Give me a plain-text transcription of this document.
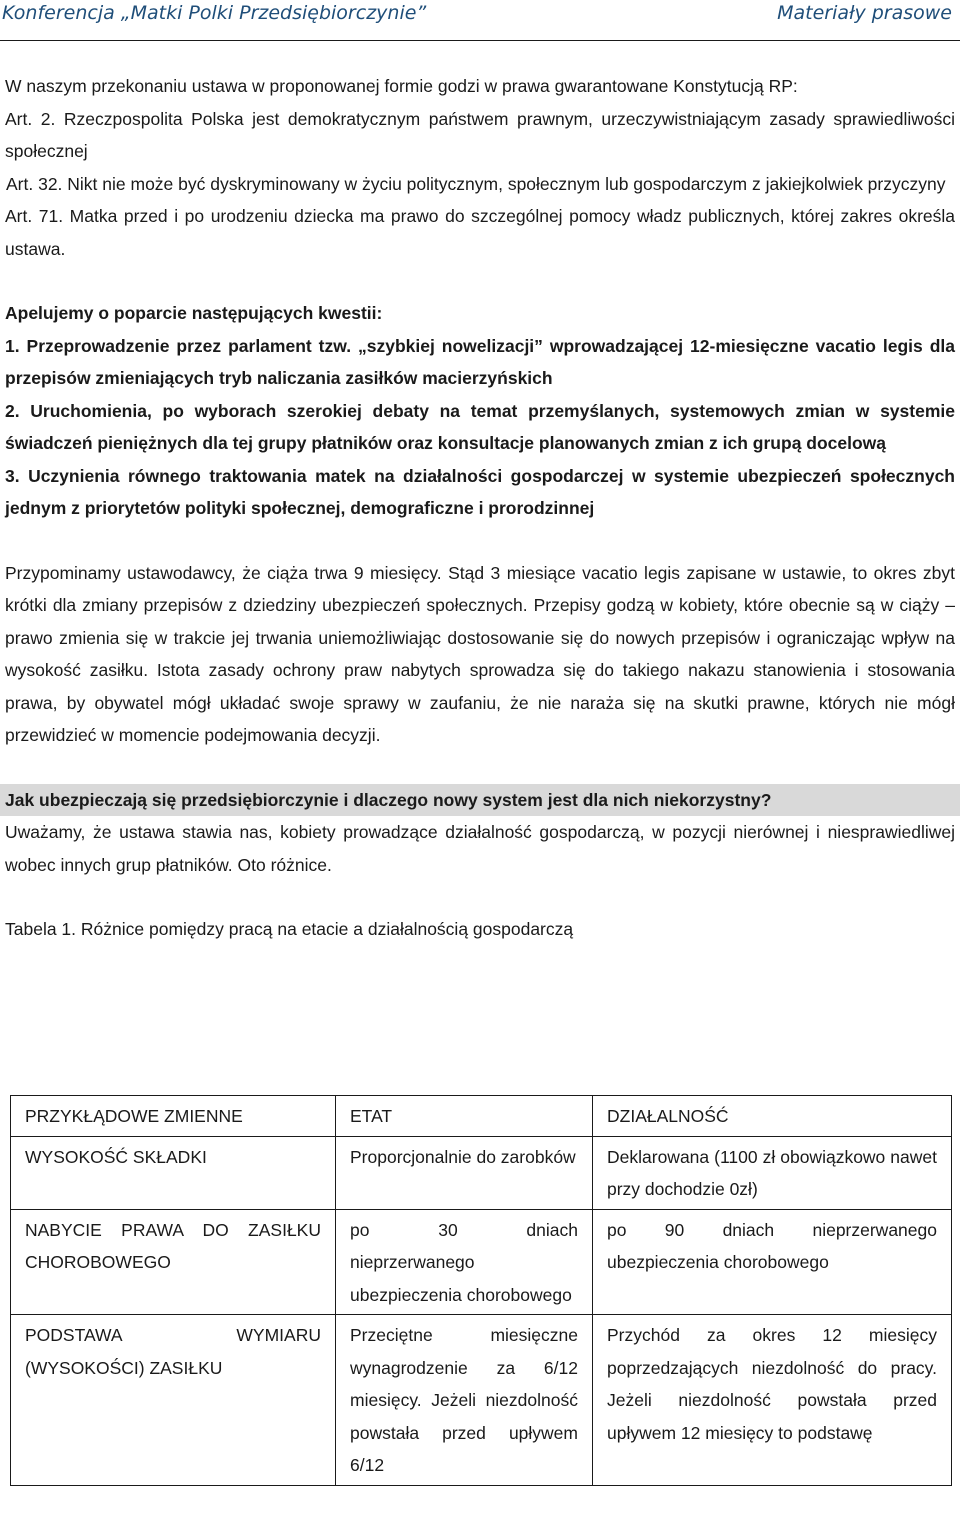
Konferencja „Matki Polki Przedsiębiorczynie”	Materiały prasowe

W naszym przekonaniu ustawa w proponowanej formie godzi w prawa gwarantowane Konstytucją RP:

Art. 2. Rzeczpospolita Polska jest demokratycznym państwem prawnym, urzeczywistniającym zasady sprawiedliwości społecznej

Art. 32. Nikt nie może być dyskryminowany w życiu politycznym, społecznym lub gospodarczym z jakiejkolwiek przyczyny

Art. 71. Matka przed i po urodzeniu dziecka ma prawo do szczególnej pomocy władz publicznych, której zakres określa ustawa.

Apelujemy o poparcie następujących kwestii:

1. Przeprowadzenie przez parlament tzw. „szybkiej nowelizacji” wprowadzającej 12-miesięczne vacatio legis dla przepisów zmieniających tryb naliczania zasiłków macierzyńskich

2. Uruchomienia, po wyborach szerokiej debaty na temat przemyślanych, systemowych zmian w systemie świadczeń pieniężnych dla tej grupy płatników oraz konsultacje planowanych zmian z ich grupą docelową

3. Uczynienia równego traktowania matek na działalności gospodarczej w systemie ubezpieczeń społecznych jednym z priorytetów polityki społecznej, demograficzne i prorodzinnej

Przypominamy ustawodawcy, że ciąża trwa 9 miesięcy. Stąd 3 miesiące vacatio legis zapisane w ustawie, to okres zbyt krótki dla zmiany przepisów z dziedziny ubezpieczeń społecznych. Przepisy godzą w kobiety, które obecnie są w ciąży – prawo zmienia się w trakcie jej trwania uniemożliwiając dostosowanie się do nowych przepisów i ograniczając wpływ na wysokość zasiłku. Istota zasady ochrony praw nabytych sprowadza się do takiego nakazu stanowienia i stosowania prawa, by obywatel mógł układać swoje sprawy w zaufaniu, że nie naraża się na skutki prawne, których nie mógł przewidzieć w momencie podejmowania decyzji.

Jak ubezpieczają się przedsiębiorczynie i dlaczego nowy system jest dla nich niekorzystny?

Uważamy, że ustawa stawia nas, kobiety prowadzące działalność gospodarczą, w pozycji nierównej i niesprawiedliwej wobec innych grup płatników. Oto różnice.

Tabela 1. Różnice pomiędzy pracą na etacie a działalnością gospodarczą

PRZYKŁĄDOWE ZMIENNE	ETAT	DZIAŁALNOŚĆ
WYSOKOŚĆ SKŁADKI	Proporcjonalnie do zarobków	Deklarowana (1100 zł obowiązkowo nawet przy dochodzie 0zł)
NABYCIE PRAWA DO ZASIŁKU CHOROBOWEGO	po 30 dniach nieprzerwanego ubezpieczenia chorobowego	po 90 dniach nieprzerwanego ubezpieczenia chorobowego
PODSTAWA WYMIARU (WYSOKOŚCI) ZASIŁKU	Przeciętne miesięczne wynagrodzenie za 6/12 miesięcy. Jeżeli niezdolność powstała przed upływem 6/12	Przychód za okres 12 miesięcy poprzedzających niezdolność do pracy. Jeżeli niezdolność powstała przed upływem 12 miesięcy to podstawę
